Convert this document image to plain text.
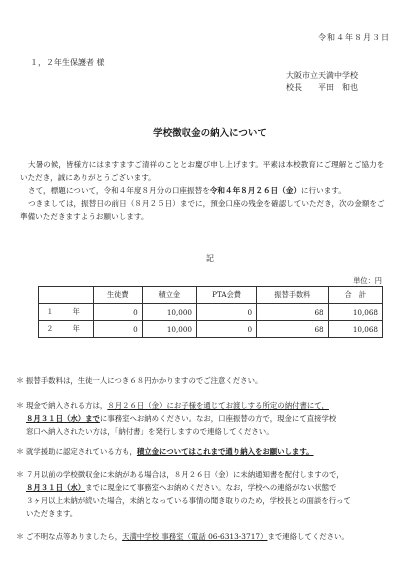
令和４年８月３日
１，２年生保護者 様
大阪市立天満中学校
校長　　平田　和也
学校徴収金の納入について
大暑の候，皆様方にはますますご清祥のこととお慶び申し上げます。平素は本校教育にご理解とご協力をいただき，誠にありがとうございます。
さて，標題について，令和４年度８月分の口座振替を令和４年８月２６日（金）に行います。
つきましては，振替日の前日（８月２５日）までに，預金口座の残金を確認していただき，次の金額をご準備いただきますようお願いします。
記
単位：円
	生徒費	積立金	PTA会費	振替手数料	合　計
１　年	0	10,000	0	68	10,068
２　年	0	10,000	0	68	10,068
＊ 振替手数料は，生徒一人につき６８円かかりますのでご注意ください。
＊ 現金で納入される方は，８月２６日（金）にお子様を通じてお渡しする所定の納付書にて，
８月３１日（水）までに事務室へお納めください。なお，口座振替の方で，現金にて直接学校
窓口へ納入されたい方は，「納付書」を発行しますので連絡してください。
＊ 就学援助に認定されている方も，積立金についてはこれまで通り納入をお願いします。
＊ ７月以前の学校徴収金に未納がある場合は，８月２６日（金）に未納通知書を配付しますので，
８月３１日（水）までに現金にて事務室へお納めください。なお，学校への連絡がない状態で
３ヶ月以上未納が続いた場合，未納となっている事情の聞き取りのため，学校長との面談を行って
いただきます。
＊ ご不明な点等ありましたら，天満中学校 事務室（電話 06-6313-3717）まで連絡してください。
